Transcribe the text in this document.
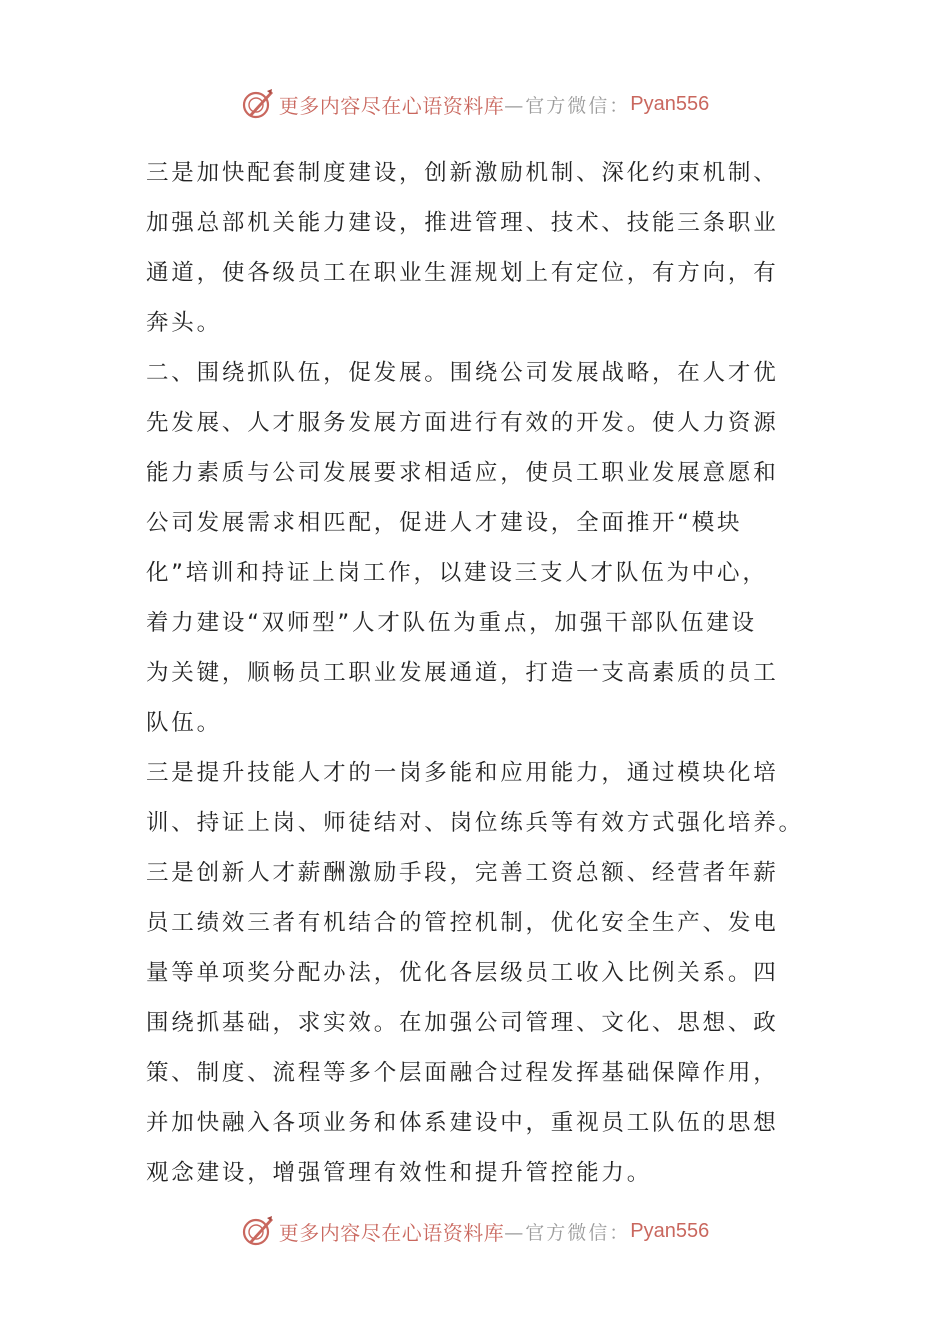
更多内容尽在心语资料库 —官方微信： Pyan556
三是加快配套制度建设，创新激励机制、深化约束机制、
加强总部机关能力建设，推进管理、技术、技能三条职业
通道，使各级员工在职业生涯规划上有定位，有方向，有
奔头。
二、围绕抓队伍，促发展。围绕公司发展战略，在人才优
先发展、人才服务发展方面进行有效的开发。使人力资源
能力素质与公司发展要求相适应，使员工职业发展意愿和
公司发展需求相匹配，促进人才建设，全面推开“模块
化”培训和持证上岗工作，以建设三支人才队伍为中心，
着力建设“双师型”人才队伍为重点，加强干部队伍建设
为关键，顺畅员工职业发展通道，打造一支高素质的员工
队伍。
三是提升技能人才的一岗多能和应用能力，通过模块化培
训、持证上岗、师徒结对、岗位练兵等有效方式强化培养。
三是创新人才薪酬激励手段，完善工资总额、经营者年薪
员工绩效三者有机结合的管控机制，优化安全生产、发电
量等单项奖分配办法，优化各层级员工收入比例关系。四
围绕抓基础，求实效。在加强公司管理、文化、思想、政
策、制度、流程等多个层面融合过程发挥基础保障作用，
并加快融入各项业务和体系建设中，重视员工队伍的思想
观念建设，增强管理有效性和提升管控能力。
更多内容尽在心语资料库 —官方微信： Pyan556
